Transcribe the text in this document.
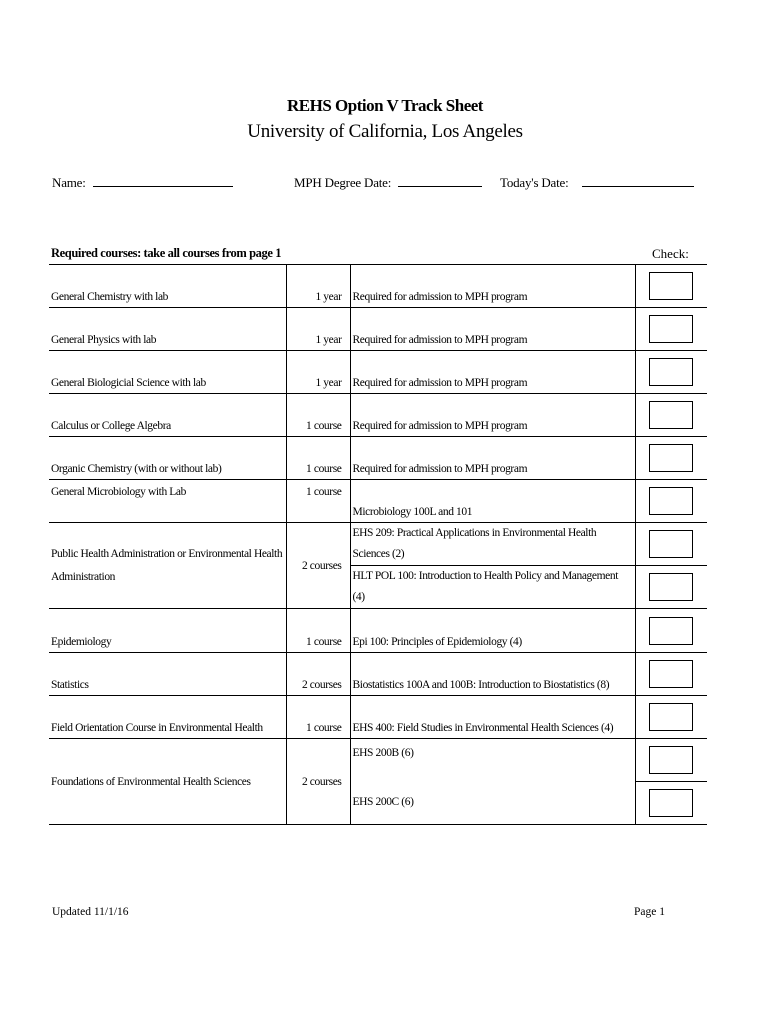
REHS Option V Track Sheet
University of California, Los Angeles
Name:	MPH Degree Date:	Today's Date:
Required courses: take all courses from page 1	Check:
General Chemistry with lab	1 year	Required for admission to MPH program	

General Physics with lab	1 year	Required for admission to MPH program	

General Biologicial Science with lab	1 year	Required for admission to MPH program	

Calculus or College Algebra	1 course	Required for admission to MPH program	

Organic Chemistry (with or without lab)	1 course	Required for admission to MPH program	

General Microbiology with Lab	1 course	Microbiology 100L and 101	

Public Health Administration or Environmental Health Administration	2 courses	EHS 209: Practical Applications in Environmental Health Sciences (2)
HLT POL 100: Introduction to Health Policy and Management (4)	

Epidemiology	1 course	Epi 100: Principles of Epidemiology (4)	

Statistics	2 courses	Biostatistics 100A and 100B: Introduction to Biostatistics (8)	

Field Orientation Course in Environmental Health	1 course	EHS 400: Field Studies in Environmental Health Sciences (4)	

Foundations of Environmental Health Sciences	2 courses	EHS 200B (6)
EHS 200C (6)	

Updated 11/1/16	Page 1
